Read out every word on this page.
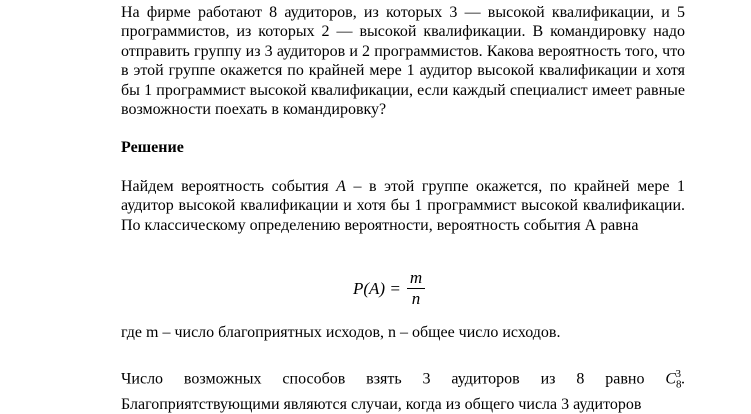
На фирме работают 8 аудиторов, из которых 3 — высокой квалификации, и 5 программистов, из которых 2 — высокой квалификации. В командировку надо отправить группу из 3 аудиторов и 2 программистов. Какова вероятность того, что в этой группе окажется по крайней мере 1 аудитор высокой квалификации и хотя бы 1 программист высокой квалификации, если каждый специалист имеет равные возможности поехать в командировку?

Решение

Найдем вероятность события A – в этой группе окажется, по крайней мере 1 аудитор высокой квалификации и хотя бы 1 программист высокой квалификации. По классическому определению вероятности, вероятность события А равна

$P(A) = \frac{m}{n}$

где m – число благоприятных исходов, n – общее число исходов.

Число возможных способов взять 3 аудиторов из 8 равно $C_8^3$. Благоприятствующими являются случаи, когда из общего числа 3 аудиторов
